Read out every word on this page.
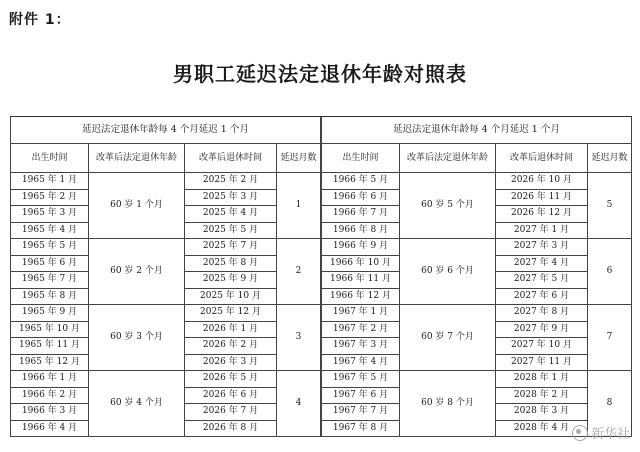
附件 1：
男职工延迟法定退休年龄对照表
延迟法定退休年龄每 4 个月延迟 1 个月			
出生时间	改革后法定退休年龄	改革后退休时间	延迟月数
1965 年 1 月	60 岁 1 个月	2025 年 2 月	1
1965 年 2 月		2025 年 3 月	
1965 年 3 月		2025 年 4 月	
1965 年 4 月		2025 年 5 月	
1965 年 5 月	60 岁 2 个月	2025 年 7 月	2
1965 年 6 月		2025 年 8 月	
1965 年 7 月		2025 年 9 月	
1965 年 8 月		2025 年 10 月	
1965 年 9 月	60 岁 3 个月	2025 年 12 月	3
1965 年 10 月		2026 年 1 月	
1965 年 11 月		2026 年 2 月	
1965 年 12 月		2026 年 3 月	
1966 年 1 月	60 岁 4 个月	2026 年 5 月	4
1966 年 2 月		2026 年 6 月	
1966 年 3 月		2026 年 7 月	
1966 年 4 月		2026 年 8 月	
延迟法定退休年龄每 4 个月延迟 1 个月			
出生时间	改革后法定退休年龄	改革后退休时间	延迟月数
1966 年 5 月	60 岁 5 个月	2026 年 10 月	5
1966 年 6 月		2026 年 11 月	
1966 年 7 月		2026 年 12 月	
1966 年 8 月		2027 年 1 月	
1966 年 9 月	60 岁 6 个月	2027 年 3 月	6
1966 年 10 月		2027 年 4 月	
1966 年 11 月		2027 年 5 月	
1966 年 12 月		2027 年 6 月	
1967 年 1 月	60 岁 7 个月	2027 年 8 月	7
1967 年 2 月		2027 年 9 月	
1967 年 3 月		2027 年 10 月	
1967 年 4 月		2027 年 11 月	
1967 年 5 月	60 岁 8 个月	2028 年 1 月	8
1967 年 6 月		2028 年 2 月	
1967 年 7 月		2028 年 3 月	
1967 年 8 月		2028 年 4 月	新华社
